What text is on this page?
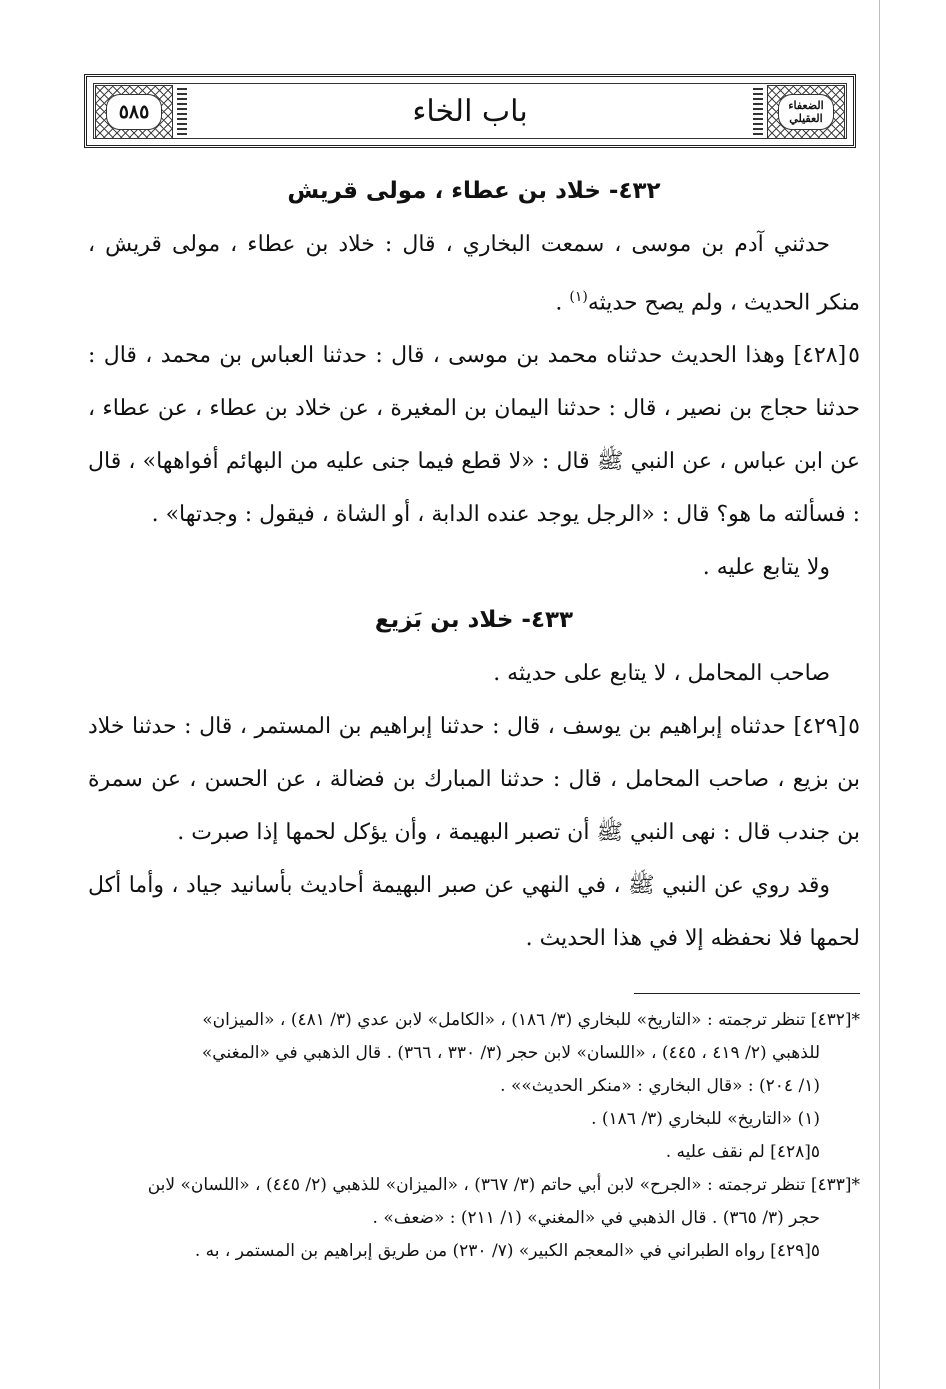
٥٨٥	باب الخاء	الضعفاء العقيلي

٤٣٢- خلاد بن عطاء ، مولى قريش

حدثني آدم بن موسى ، سمعت البخاري ، قال : خلاد بن عطاء ، مولى قريش ، منكر الحديث ، ولم يصح حديثه$^{(١)}$ .

٥[٤٢٨] وهذا الحديث حدثناه محمد بن موسى ، قال : حدثنا العباس بن محمد ، قال : حدثنا حجاج بن نصير ، قال : حدثنا اليمان بن المغيرة ، عن خلاد بن عطاء ، عن عطاء ، عن ابن عباس ، عن النبي ﷺ قال : «لا قطع فيما جنى عليه من البهائم أفواهها» ، قال : فسألته ما هو؟ قال : «الرجل يوجد عنده الدابة ، أو الشاة ، فيقول : وجدتها» .

ولا يتابع عليه .

٤٣٣- خلاد بن بَزيع

صاحب المحامل ، لا يتابع على حديثه .

٥[٤٢٩] حدثناه إبراهيم بن يوسف ، قال : حدثنا إبراهيم بن المستمر ، قال : حدثنا خلاد بن بزيع ، صاحب المحامل ، قال : حدثنا المبارك بن فضالة ، عن الحسن ، عن سمرة بن جندب قال : نهى النبي ﷺ أن تصبر البهيمة ، وأن يؤكل لحمها إذا صبرت .

وقد روي عن النبي ﷺ ، في النهي عن صبر البهيمة أحاديث بأسانيد جياد ، وأما أكل لحمها فلا نحفظه إلا في هذا الحديث .

*[٤٣٢] تنظر ترجمته : «التاريخ» للبخاري (٣/ ١٨٦) ، «الكامل» لابن عدي (٣/ ٤٨١) ، «الميزان»

للذهبي (٢/ ٤١٩ ، ٤٤٥) ، «اللسان» لابن حجر (٣/ ٣٣٠ ، ٣٦٦) . قال الذهبي في «المغني»

(١/ ٢٠٤) : «قال البخاري : «منكر الحديث»» .

(١) «التاريخ» للبخاري (٣/ ١٨٦) .

٥[٤٢٨] لم نقف عليه .

*[٤٣٣] تنظر ترجمته : «الجرح» لابن أبي حاتم (٣/ ٣٦٧) ، «الميزان» للذهبي (٢/ ٤٤٥) ، «اللسان» لابن

حجر (٣/ ٣٦٥) . قال الذهبي في «المغني» (١/ ٢١١) : «ضعف» .

٥[٤٢٩] رواه الطبراني في «المعجم الكبير» (٧/ ٢٣٠) من طريق إبراهيم بن المستمر ، به .
